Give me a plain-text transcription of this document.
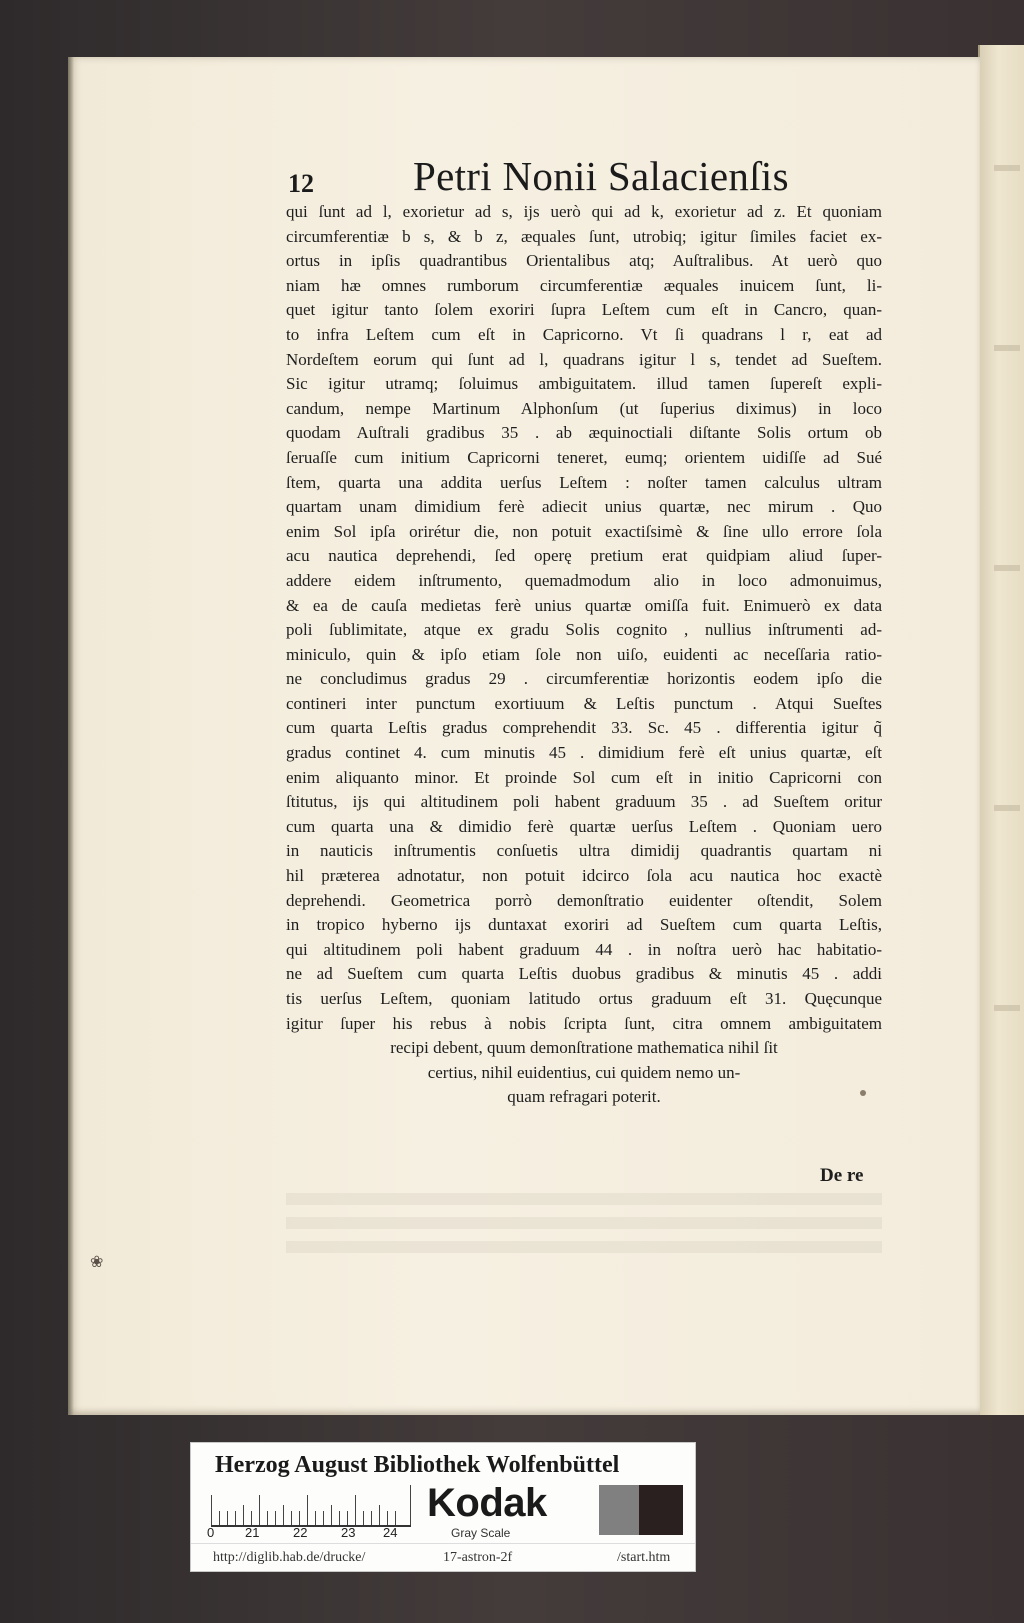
12 Petri Nonii Salacienſis
qui ſunt ad l, exorietur ad s, ijs uerò qui ad k, exorietur ad z. Et quoniam
circumferentiæ b s, & b z, æquales ſunt, utrobiq; igitur ſimiles faciet ex-
ortus in ipſis quadrantibus Orientalibus atq; Auſtralibus. At uerò quo
niam hæ omnes rumborum circumferentiæ æquales inuicem ſunt, li-
quet igitur tanto ſolem exoriri ſupra Leſtem cum eſt in Cancro, quan-
to infra Leſtem cum eſt in Capricorno. Vt ſi quadrans l r, eat ad
Nordeſtem eorum qui ſunt ad l, quadrans igitur l s, tendet ad Sueſtem.
Sic igitur utramq; ſoluimus ambiguitatem. illud tamen ſupereſt expli-
candum, nempe Martinum Alphonſum (ut ſuperius diximus) in loco
quodam Auſtrali gradibus 35 . ab æquinoctiali diſtante Solis ortum ob
ſeruaſſe cum initium Capricorni teneret, eumq; orientem uidiſſe ad Sué
ſtem, quarta una addita uerſus Leſtem : noſter tamen calculus ultram
quartam unam dimidium ferè adiecit unius quartæ, nec mirum . Quo
enim Sol ipſa orirétur die, non potuit exactiſsimè & ſine ullo errore ſola
acu nautica deprehendi, ſed operę pretium erat quidpiam aliud ſuper-
addere eidem inſtrumento, quemadmodum alio in loco admonuimus,
& ea de cauſa medietas ferè unius quartæ omiſſa fuit. Enimuerò ex data
poli ſublimitate, atque ex gradu Solis cognito , nullius inſtrumenti ad-
miniculo, quin & ipſo etiam ſole non uiſo, euidenti ac neceſſaria ratio-
ne concludimus gradus 29 . circumferentiæ horizontis eodem ipſo die
contineri inter punctum exortiuum & Leſtis punctum . Atqui Sueſtes
cum quarta Leſtis gradus comprehendit 33. Sc. 45 . differentia igitur q̃
gradus continet 4. cum minutis 45 . dimidium ferè eſt unius quartæ, eſt
enim aliquanto minor. Et proinde Sol cum eſt in initio Capricorni con
ſtitutus, ijs qui altitudinem poli habent graduum 35 . ad Sueſtem oritur
cum quarta una & dimidio ferè quartæ uerſus Leſtem . Quoniam uero
in nauticis inſtrumentis conſuetis ultra dimidij quadrantis quartam ni
hil præterea adnotatur, non potuit idcirco ſola acu nautica hoc exactè
deprehendi. Geometrica porrò demonſtratio euidenter oſtendit, Solem
in tropico hyberno ijs duntaxat exoriri ad Sueſtem cum quarta Leſtis,
qui altitudinem poli habent graduum 44 . in noſtra uerò hac habitatio-
ne ad Sueſtem cum quarta Leſtis duobus gradibus & minutis 45 . addi
tis uerſus Leſtem, quoniam latitudo ortus graduum eſt 31. Quęcunque
igitur ſuper his rebus à nobis ſcripta ſunt, citra omnem ambiguitatem
recipi debent, quum demonſtratione mathematica nihil ſit
certius, nihil euidentius, cui quidem nemo un-
quam refragari poterit.
De re
❀
Herzog August Bibliothek Wolfenbüttel
0 21	22	23 24
Kodak
Gray Scale
http://diglib.hab.de/drucke/	17-astron-2f	/start.htm
